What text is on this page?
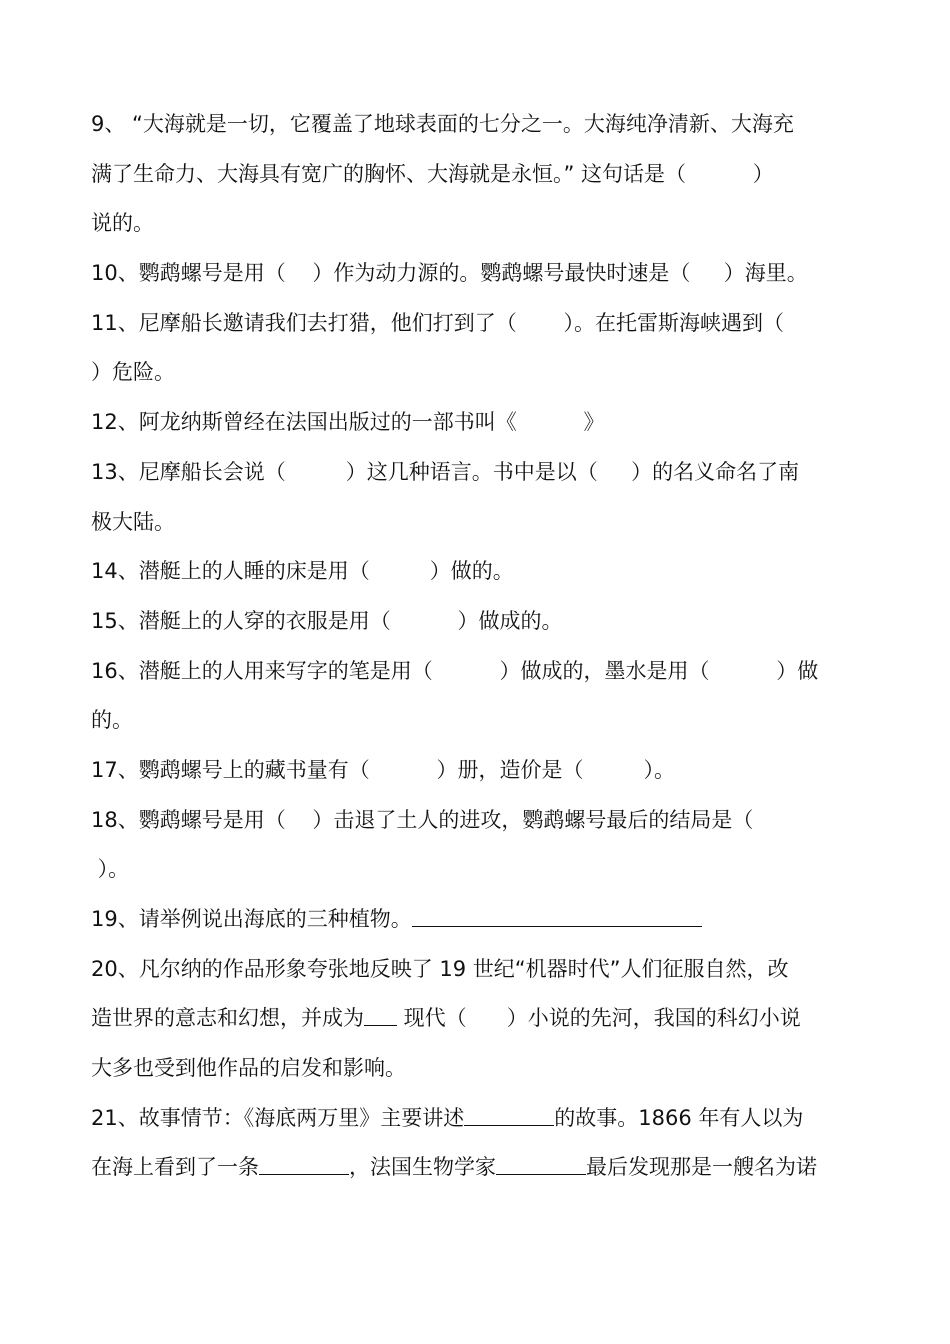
9、 “大海就是一切，它覆盖了地球表面的七分之一。大海纯净清新、大海充
满了生命力、大海具有宽广的胸怀、大海就是永恒。” 这句话是（          ）
说的。
10、鹦鹉螺号是用（    ）作为动力源的。鹦鹉螺号最快时速是（     ）海里。
11、尼摩船长邀请我们去打猎，他们打到了（       ）。在托雷斯海峡遇到（
）危险。
12、阿龙纳斯曾经在法国出版过的一部书叫《          》
13、尼摩船长会说（         ）这几种语言。书中是以（     ）的名义命名了南
极大陆。
14、潜艇上的人睡的床是用（         ）做的。
15、潜艇上的人穿的衣服是用（          ）做成的。
16、潜艇上的人用来写字的笔是用（          ）做成的，墨水是用（          ）做
的。
17、鹦鹉螺号上的藏书量有（          ）册，造价是（         ）。
18、鹦鹉螺号是用（    ）击退了土人的进攻，鹦鹉螺号最后的结局是（
）。
19、请举例说出海底的三种植物。
20、凡尔纳的作品形象夸张地反映了 19 世纪“机器时代”人们征服自然，改
造世界的意志和幻想，并成为 现代（      ）小说的先河，我国的科幻小说
大多也受到他作品的启发和影响。
21、故事情节：《海底两万里》主要讲述	的故事。1866 年有人以为
在海上看到了一条	，法国生物学家	最后发现那是一艘名为诺
